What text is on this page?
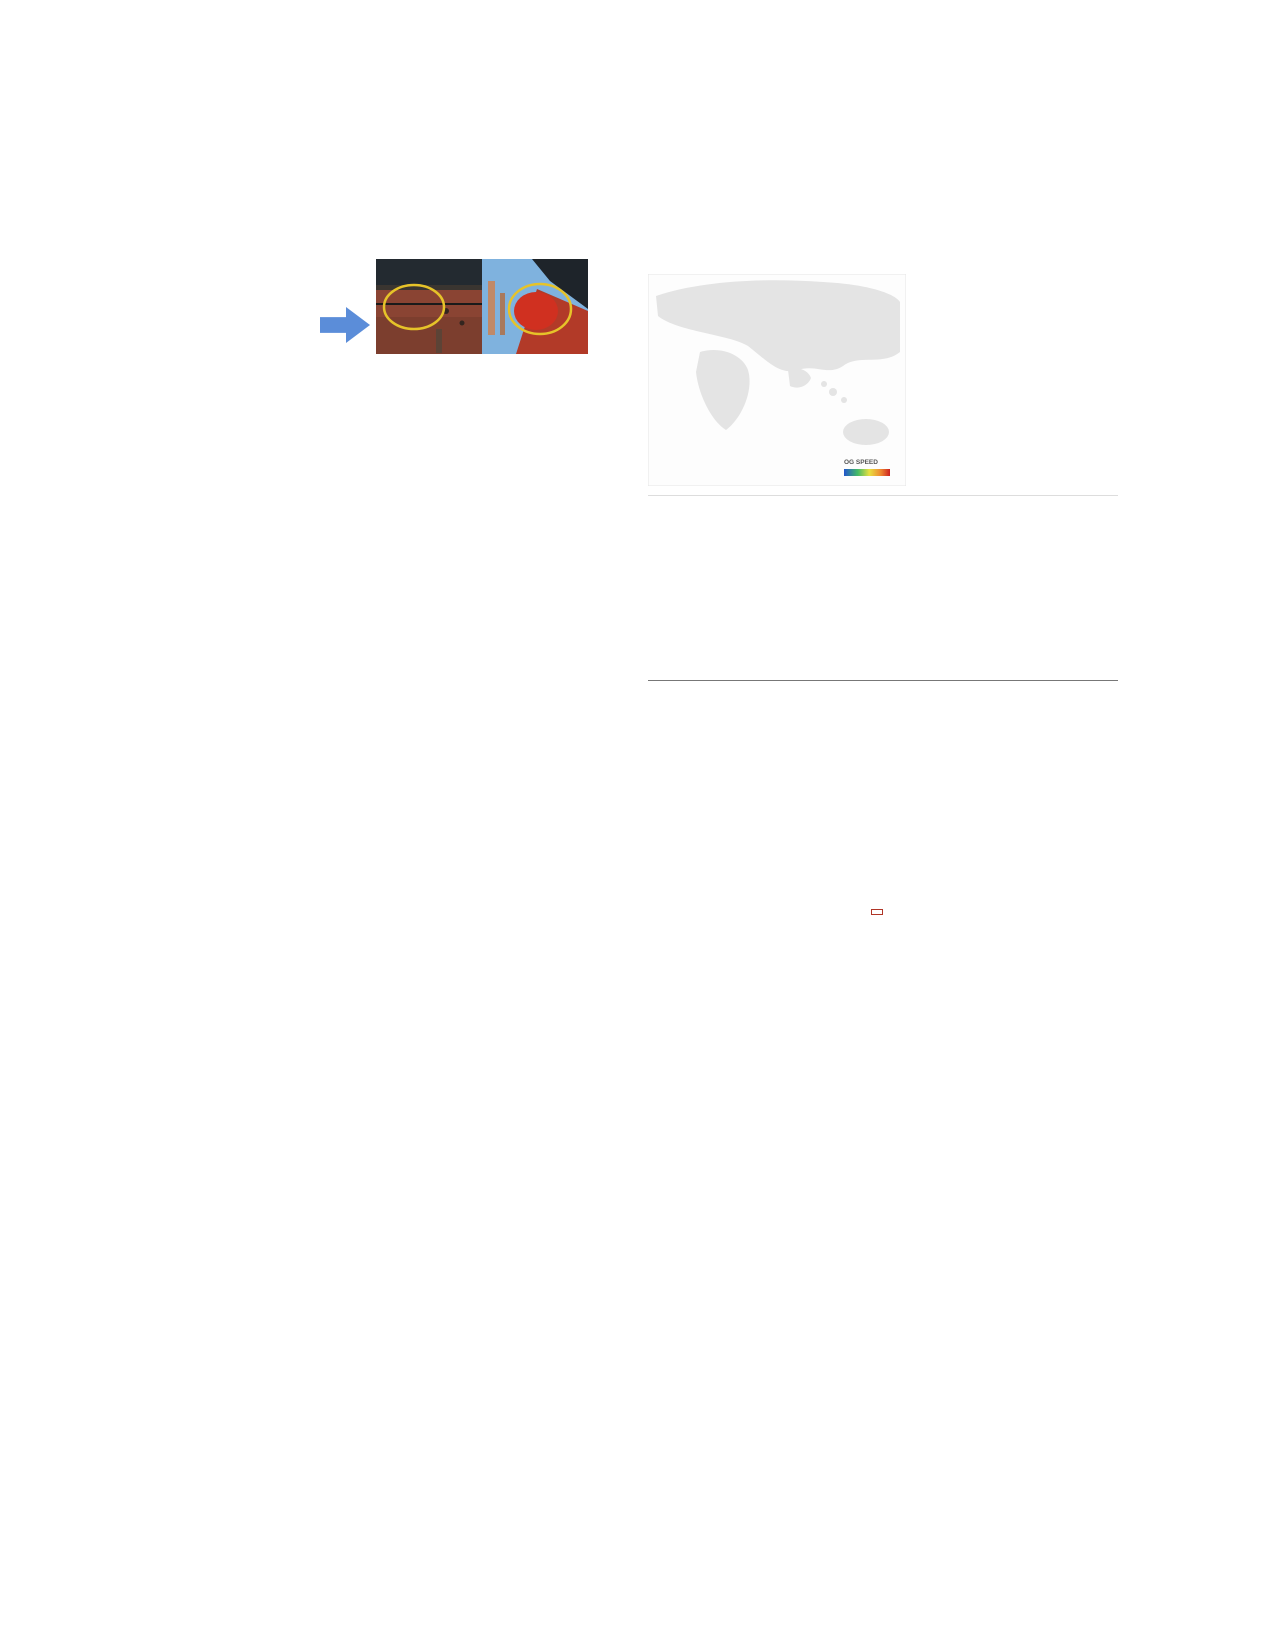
OG SPEED
